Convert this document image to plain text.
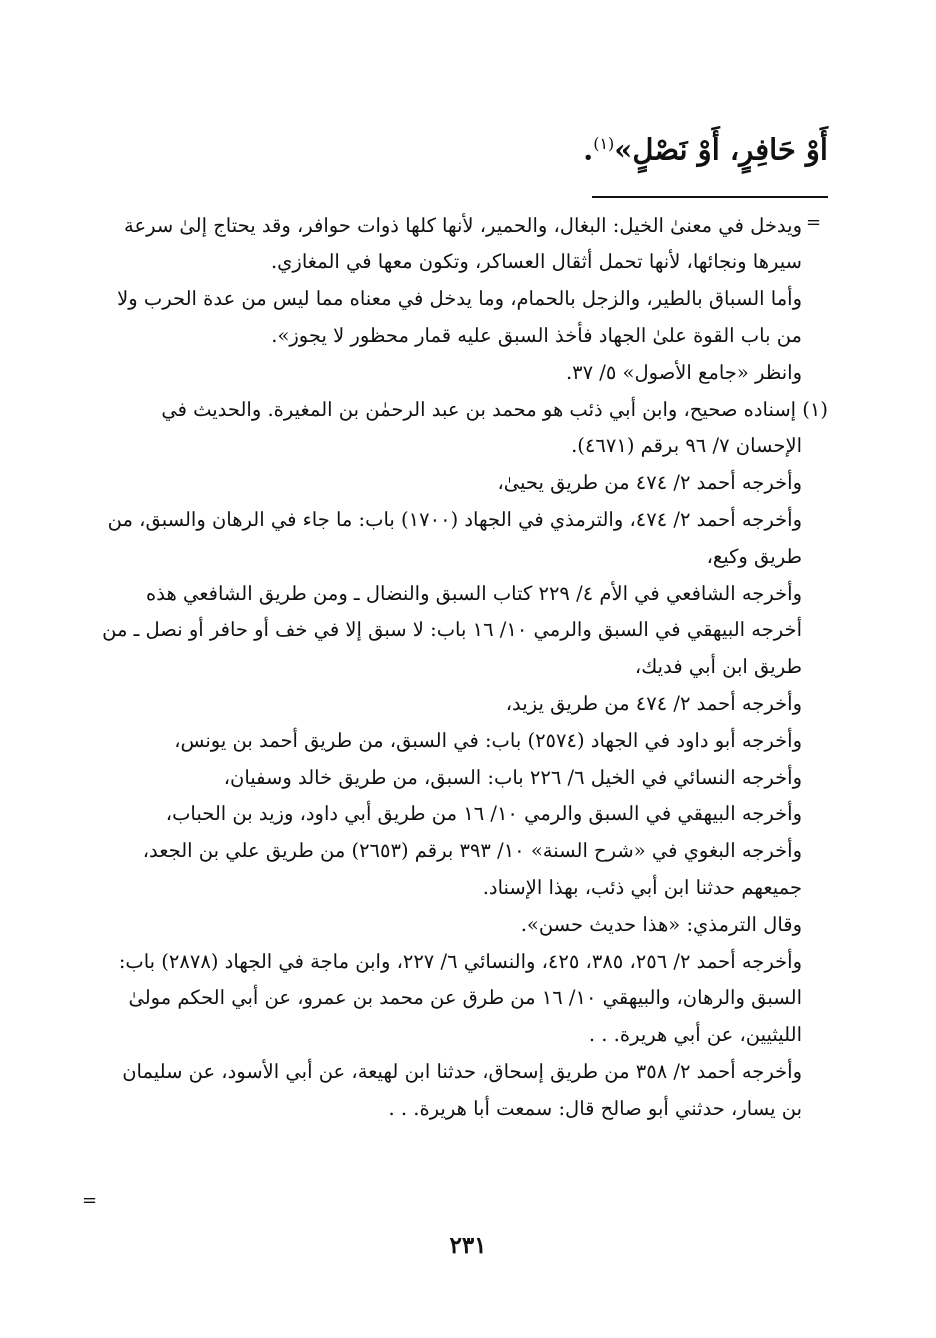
=

أَوْ حَافِرٍ، أَوْ نَصْلٍ»$^{(١)}$.

ويدخل في معنىٰ الخيل: البغال، والحمير، لأنها كلها ذوات حوافر، وقد يحتاج إلىٰ سرعة سيرها ونجائها، لأنها تحمل أثقال العساكر، وتكون معها في المغازي.

وأما السباق بالطير، والزجل بالحمام، وما يدخل في معناه مما ليس من عدة الحرب ولا من باب القوة علىٰ الجهاد فأخذ السبق عليه قمار محظور لا يجوز».

وانظر «جامع الأصول» ٥/ ٣٧.

(١) إسناده صحيح، وابن أبي ذئب هو محمد بن عبد الرحمٰن بن المغيرة. والحديث في الإحسان ٧/ ٩٦ برقم (٤٦٧١).

وأخرجه أحمد ٢/ ٤٧٤ من طريق يحيىٰ،

وأخرجه أحمد ٢/ ٤٧٤، والترمذي في الجهاد (١٧٠٠) باب: ما جاء في الرهان والسبق، من طريق وكيع،

وأخرجه الشافعي في الأم ٤/ ٢٢٩ كتاب السبق والنضال ـ ومن طريق الشافعي هذه أخرجه البيهقي في السبق والرمي ١٠/ ١٦ باب: لا سبق إلا في خف أو حافر أو نصل ـ من طريق ابن أبي فديك،

وأخرجه أحمد ٢/ ٤٧٤ من طريق يزيد،

وأخرجه أبو داود في الجهاد (٢٥٧٤) باب: في السبق، من طريق أحمد بن يونس،

وأخرجه النسائي في الخيل ٦/ ٢٢٦ باب: السبق، من طريق خالد وسفيان،

وأخرجه البيهقي في السبق والرمي ١٠/ ١٦ من طريق أبي داود، وزيد بن الحباب،

وأخرجه البغوي في «شرح السنة» ١٠/ ٣٩٣ برقم (٢٦٥٣) من طريق علي بن الجعد، جميعهم حدثنا ابن أبي ذئب، بهذا الإسناد.

وقال الترمذي: «هذا حديث حسن».

وأخرجه أحمد ٢/ ٢٥٦، ٣٨٥، ٤٢٥، والنسائي ٦/ ٢٢٧، وابن ماجة في الجهاد (٢٨٧٨) باب: السبق والرهان، والبيهقي ١٠/ ١٦ من طرق عن محمد بن عمرو، عن أبي الحكم مولىٰ الليثيين، عن أبي هريرة. . .

وأخرجه أحمد ٢/ ٣٥٨ من طريق إسحاق، حدثنا ابن لهيعة، عن أبي الأسود، عن سليمان بن يسار، حدثني أبو صالح قال: سمعت أبا هريرة. . .

=
٢٣١
